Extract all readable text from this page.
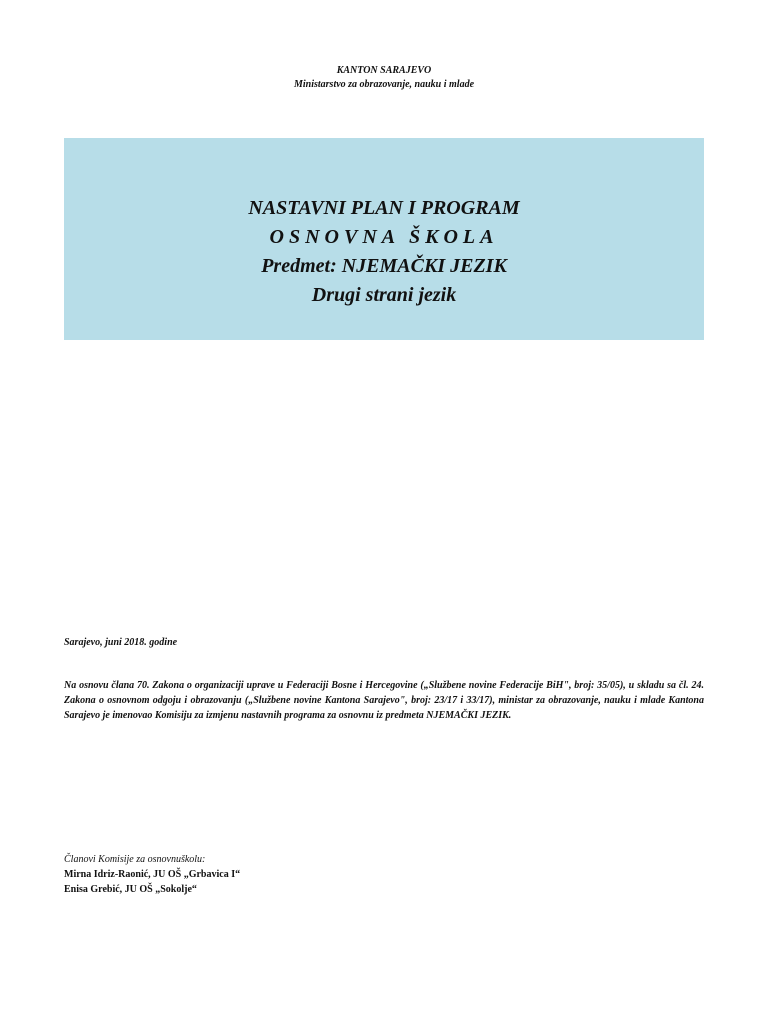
KANTON SARAJEVO
Ministarstvo za obrazovanje, nauku i mlade
NASTAVNI PLAN I PROGRAM
OSNOVNA ŠKOLA
Predmet: NJEMAČKI JEZIK
Drugi strani jezik
Sarajevo, juni 2018. godine
Na osnovu člana 70. Zakona o organizaciji uprave u Federaciji Bosne i Hercegovine („Službene novine Federacije BiH", broj: 35/05), u skladu sa čl. 24. Zakona o osnovnom odgoju i obrazovanju („Službene novine Kantona Sarajevo", broj: 23/17 i 33/17), ministar za obrazovanje, nauku i mlade Kantona Sarajevo je imenovao Komisiju za izmjenu nastavnih programa za osnovnu iz predmeta NJEMAČKI JEZIK.
Članovi Komisije za osnovnuškolu:
Mirna Idriz-Raonić, JU OŠ „Grbavica I“
Enisa Grebić, JU OŠ „Sokolje“
